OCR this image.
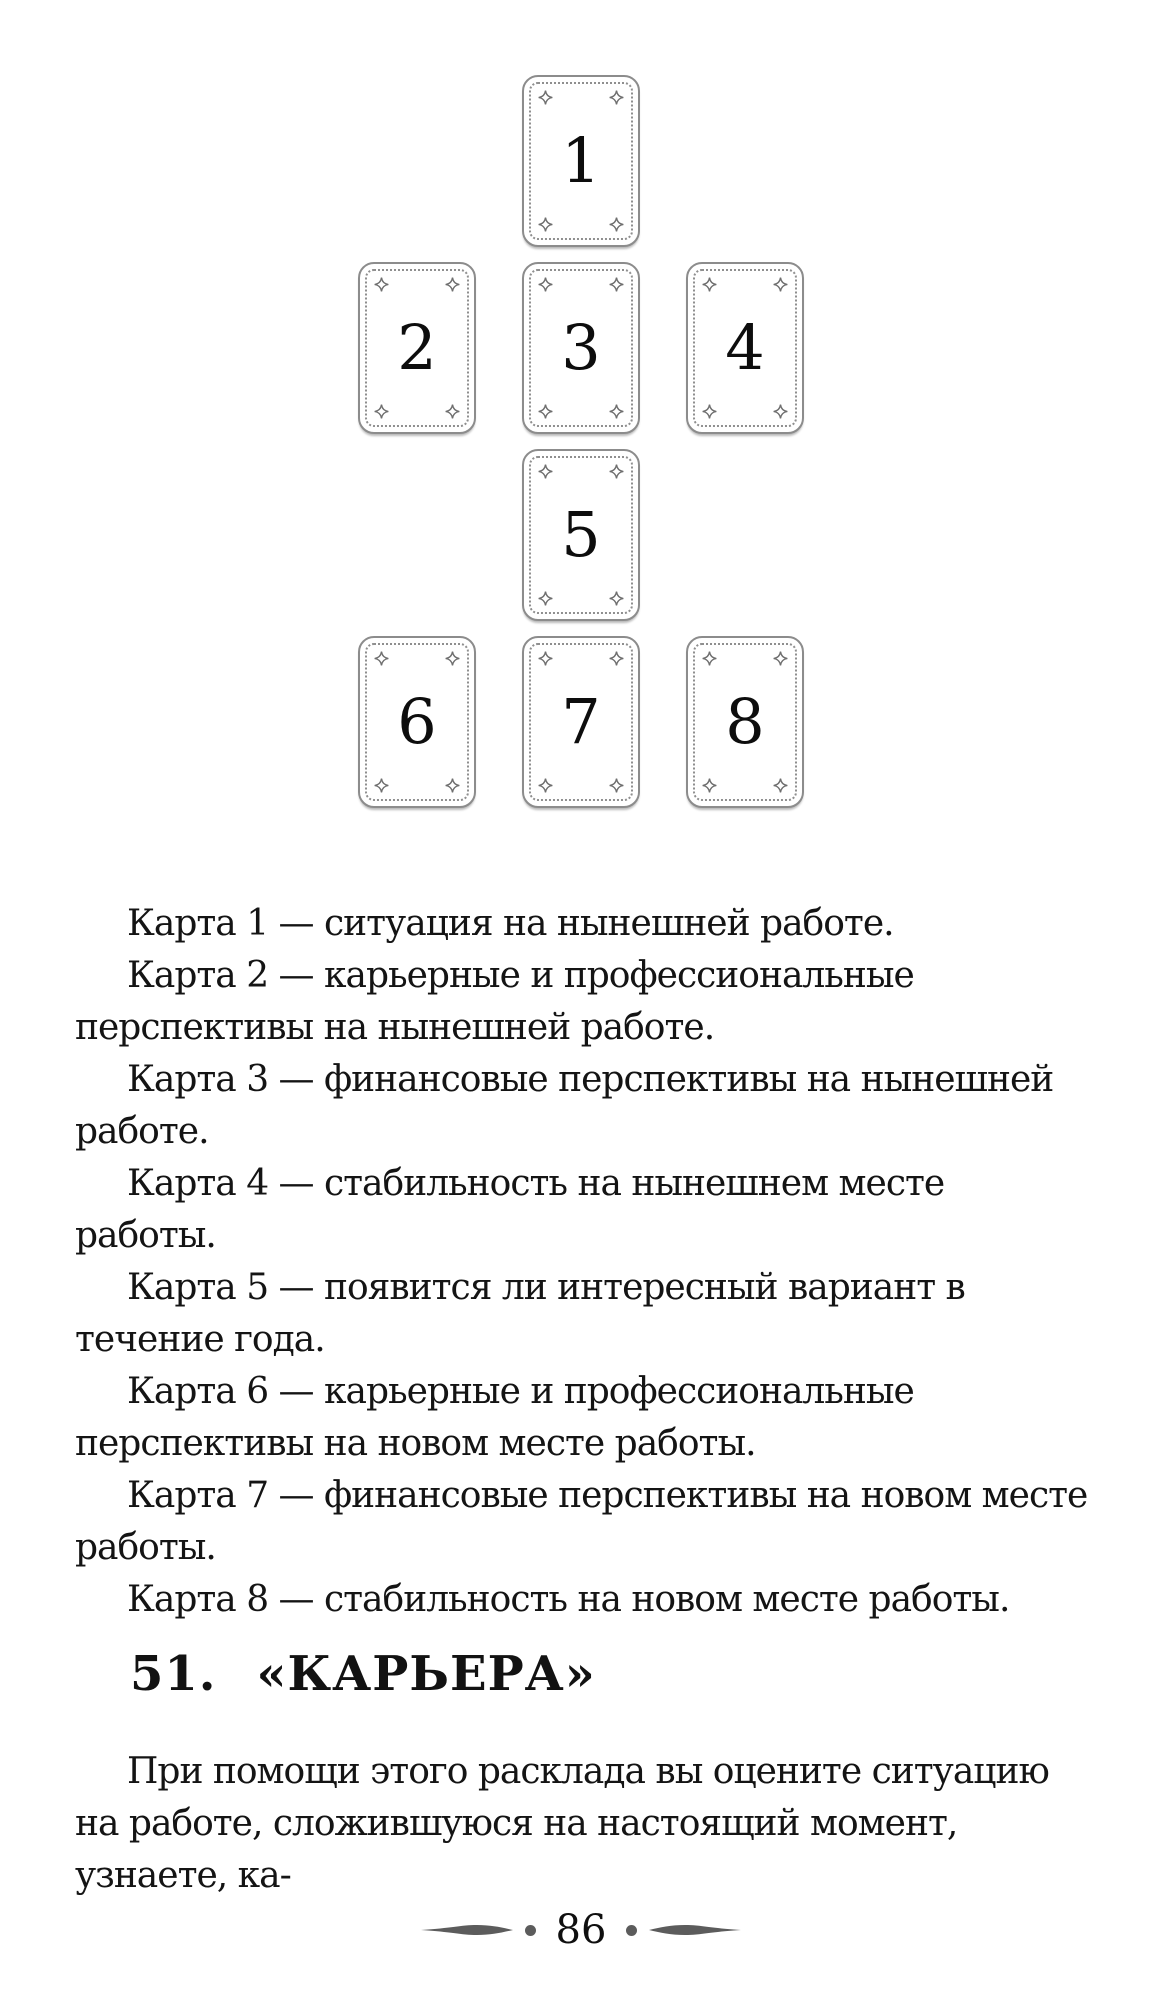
1
2	3	4
5
6	7	8

Карта 1 — ситуация на нынешней работе.

Карта 2 — карьерные и профессиональные перспективы на нынешней работе.

Карта 3 — финансовые перспективы на нынешней работе.

Карта 4 — стабильность на нынешнем месте работы.

Карта 5 — появится ли интересный вариант в течение года.

Карта 6 — карьерные и профессиональные перспективы на новом месте работы.

Карта 7 — финансовые перспективы на новом месте работы.

Карта 8 — стабильность на новом месте работы.

51. «КАРЬЕРА»

При помощи этого расклада вы оцените ситуацию на работе, сложившуюся на настоящий момент, узнаете, ка-

86
